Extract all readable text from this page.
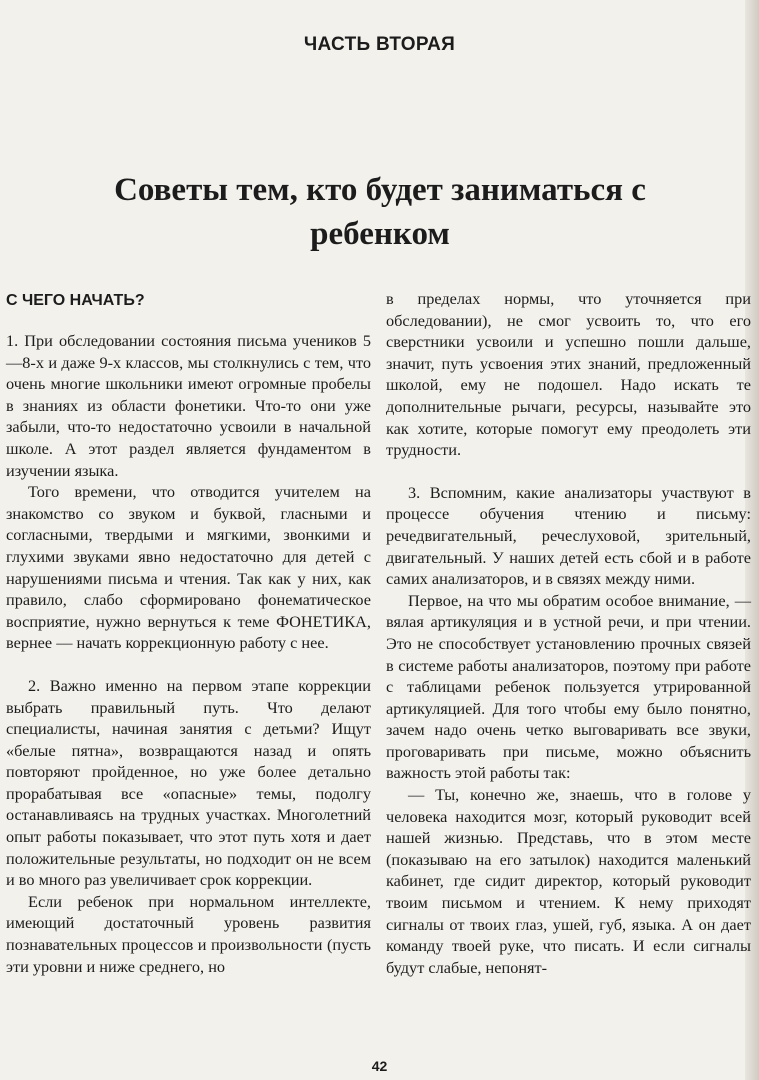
ЧАСТЬ ВТОРАЯ
Советы тем, кто будет заниматься с ребенком
С ЧЕГО НАЧАТЬ?

1. При обследовании состояния письма учеников 5—8-х и даже 9-х классов, мы столкнулись с тем, что очень многие школьники имеют огромные пробелы в знаниях из области фонетики. Что-то они уже забыли, что-то недостаточно усвоили в начальной школе. А этот раздел является фундаментом в изучении языка.

Того времени, что отводится учителем на знакомство со звуком и буквой, гласными и согласными, твердыми и мягкими, звонкими и глухими звуками явно недостаточно для детей с нарушениями письма и чтения. Так как у них, как правило, слабо сформировано фонематическое восприятие, нужно вернуться к теме ФОНЕТИКА, вернее — начать коррекционную работу с нее.

2. Важно именно на первом этапе коррекции выбрать правильный путь. Что делают специалисты, начиная занятия с детьми? Ищут «белые пятна», возвращаются назад и опять повторяют пройденное, но уже более детально прорабатывая все «опасные» темы, подолгу останавливаясь на трудных участках. Многолетний опыт работы показывает, что этот путь хотя и дает положительные результаты, но подходит он не всем и во много раз увеличивает срок коррекции.

Если ребенок при нормальном интеллекте, имеющий достаточный уровень развития познавательных процессов и произвольности (пусть эти уровни и ниже среднего, но

в пределах нормы, что уточняется при обследовании), не смог усвоить то, что его сверстники усвоили и успешно пошли дальше, значит, путь усвоения этих знаний, предложенный школой, ему не подошел. Надо искать те дополнительные рычаги, ресурсы, называйте это как хотите, которые помогут ему преодолеть эти трудности.

3. Вспомним, какие анализаторы участвуют в процессе обучения чтению и письму: речедвигательный, речеслуховой, зрительный, двигательный. У наших детей есть сбой и в работе самих анализаторов, и в связях между ними.

Первое, на что мы обратим особое внимание, — вялая артикуляция и в устной речи, и при чтении. Это не способствует установлению прочных связей в системе работы анализаторов, поэтому при работе с таблицами ребенок пользуется утрированной артикуляцией. Для того чтобы ему было понятно, зачем надо очень четко выговаривать все звуки, проговаривать при письме, можно объяснить важность этой работы так:

— Ты, конечно же, знаешь, что в голове у человека находится мозг, который руководит всей нашей жизнью. Представь, что в этом месте (показываю на его затылок) находится маленький кабинет, где сидит директор, который руководит твоим письмом и чтением. К нему приходят сигналы от твоих глаз, ушей, губ, языка. А он дает команду твоей руке, что писать. И если сигналы будут слабые, непонят-

42
